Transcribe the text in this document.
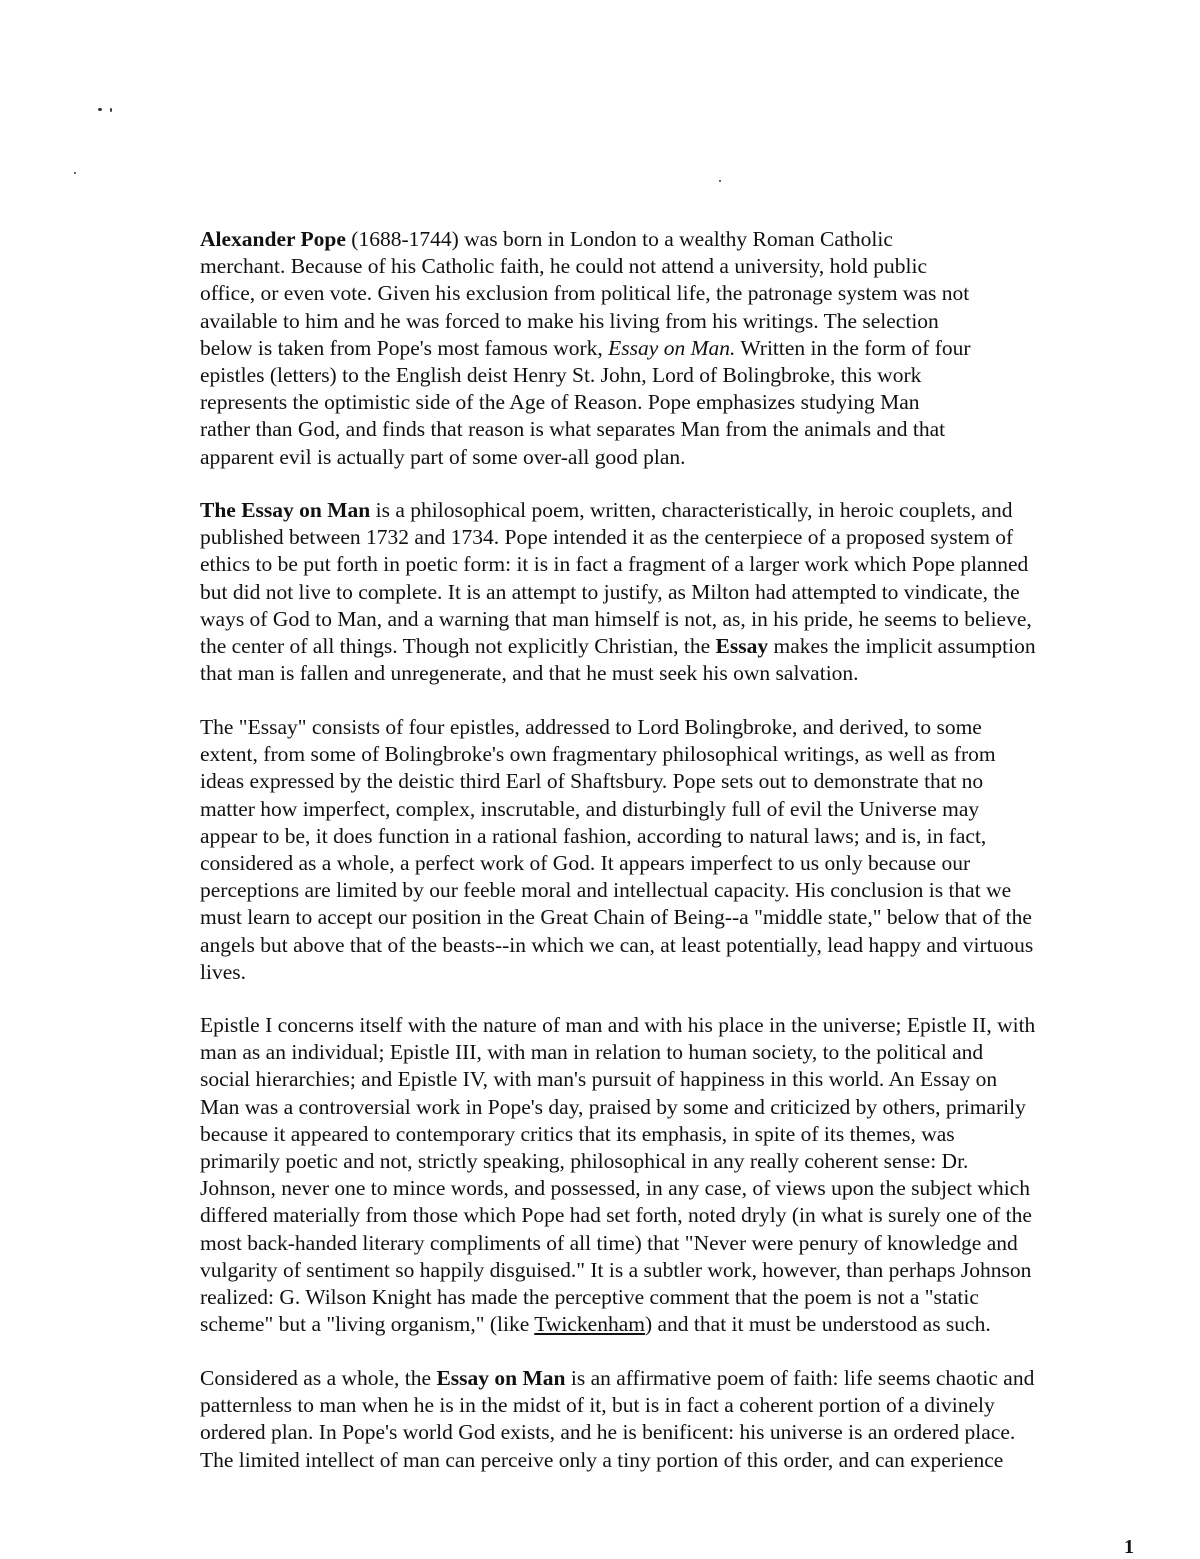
Alexander Pope (1688-1744) was born in London to a wealthy Roman Catholic
merchant. Because of his Catholic faith, he could not attend a university, hold public
office, or even vote. Given his exclusion from political life, the patronage system was not
available to him and he was forced to make his living from his writings. The selection
below is taken from Pope's most famous work, Essay on Man. Written in the form of four
epistles (letters) to the English deist Henry St. John, Lord of Bolingbroke, this work
represents the optimistic side of the Age of Reason. Pope emphasizes studying Man
rather than God, and finds that reason is what separates Man from the animals and that
apparent evil is actually part of some over-all good plan.
The Essay on Man is a philosophical poem, written, characteristically, in heroic couplets, and
published between 1732 and 1734. Pope intended it as the centerpiece of a proposed system of
ethics to be put forth in poetic form: it is in fact a fragment of a larger work which Pope planned
but did not live to complete. It is an attempt to justify, as Milton had attempted to vindicate, the
ways of God to Man, and a warning that man himself is not, as, in his pride, he seems to believe,
the center of all things. Though not explicitly Christian, the Essay makes the implicit assumption
that man is fallen and unregenerate, and that he must seek his own salvation.
The "Essay" consists of four epistles, addressed to Lord Bolingbroke, and derived, to some
extent, from some of Bolingbroke's own fragmentary philosophical writings, as well as from
ideas expressed by the deistic third Earl of Shaftsbury. Pope sets out to demonstrate that no
matter how imperfect, complex, inscrutable, and disturbingly full of evil the Universe may
appear to be, it does function in a rational fashion, according to natural laws; and is, in fact,
considered as a whole, a perfect work of God. It appears imperfect to us only because our
perceptions are limited by our feeble moral and intellectual capacity. His conclusion is that we
must learn to accept our position in the Great Chain of Being--a "middle state," below that of the
angels but above that of the beasts--in which we can, at least potentially, lead happy and virtuous
lives.
Epistle I concerns itself with the nature of man and with his place in the universe; Epistle II, with
man as an individual; Epistle III, with man in relation to human society, to the political and
social hierarchies; and Epistle IV, with man's pursuit of happiness in this world. An Essay on
Man was a controversial work in Pope's day, praised by some and criticized by others, primarily
because it appeared to contemporary critics that its emphasis, in spite of its themes, was
primarily poetic and not, strictly speaking, philosophical in any really coherent sense: Dr.
Johnson, never one to mince words, and possessed, in any case, of views upon the subject which
differed materially from those which Pope had set forth, noted dryly (in what is surely one of the
most back-handed literary compliments of all time) that "Never were penury of knowledge and
vulgarity of sentiment so happily disguised." It is a subtler work, however, than perhaps Johnson
realized: G. Wilson Knight has made the perceptive comment that the poem is not a "static
scheme" but a "living organism," (like Twickenham) and that it must be understood as such.
Considered as a whole, the Essay on Man is an affirmative poem of faith: life seems chaotic and
patternless to man when he is in the midst of it, but is in fact a coherent portion of a divinely
ordered plan. In Pope's world God exists, and he is benificent: his universe is an ordered place.
The limited intellect of man can perceive only a tiny portion of this order, and can experience
1
